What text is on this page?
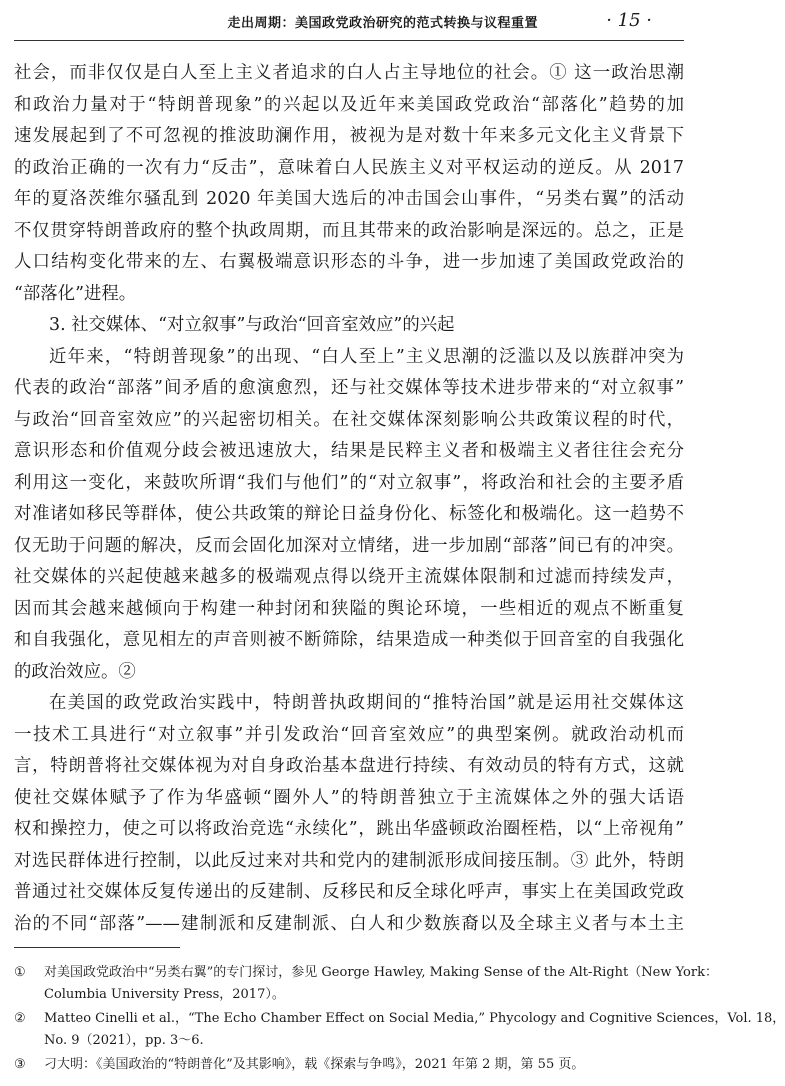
走出周期：美国政党政治研究的范式转换与议程重置	· 15 ·
社会，而非仅仅是白人至上主义者追求的白人占主导地位的社会。① 这一政治思潮
和政治力量对于“特朗普现象”的兴起以及近年来美国政党政治“部落化”趋势的加
速发展起到了不可忽视的推波助澜作用，被视为是对数十年来多元文化主义背景下
的政治正确的一次有力“反击”，意味着白人民族主义对平权运动的逆反。从 2017
年的夏洛茨维尔骚乱到 2020 年美国大选后的冲击国会山事件，“另类右翼”的活动
不仅贯穿特朗普政府的整个执政周期，而且其带来的政治影响是深远的。总之，正是
人口结构变化带来的左、右翼极端意识形态的斗争，进一步加速了美国政党政治的
“部落化”进程。
3. 社交媒体、“对立叙事”与政治“回音室效应”的兴起
近年来，“特朗普现象”的出现、“白人至上”主义思潮的泛滥以及以族群冲突为
代表的政治“部落”间矛盾的愈演愈烈，还与社交媒体等技术进步带来的“对立叙事”
与政治“回音室效应”的兴起密切相关。在社交媒体深刻影响公共政策议程的时代，
意识形态和价值观分歧会被迅速放大，结果是民粹主义者和极端主义者往往会充分
利用这一变化，来鼓吹所谓“我们与他们”的“对立叙事”，将政治和社会的主要矛盾
对准诸如移民等群体，使公共政策的辩论日益身份化、标签化和极端化。这一趋势不
仅无助于问题的解决，反而会固化加深对立情绪，进一步加剧“部落”间已有的冲突。
社交媒体的兴起使越来越多的极端观点得以绕开主流媒体限制和过滤而持续发声，
因而其会越来越倾向于构建一种封闭和狭隘的舆论环境，一些相近的观点不断重复
和自我强化，意见相左的声音则被不断筛除，结果造成一种类似于回音室的自我强化
的政治效应。②
在美国的政党政治实践中，特朗普执政期间的“推特治国”就是运用社交媒体这
一技术工具进行“对立叙事”并引发政治“回音室效应”的典型案例。就政治动机而
言，特朗普将社交媒体视为对自身政治基本盘进行持续、有效动员的特有方式，这就
使社交媒体赋予了作为华盛顿“圈外人”的特朗普独立于主流媒体之外的强大话语
权和操控力，使之可以将政治竞选“永续化”，跳出华盛顿政治圈桎梏，以“上帝视角”
对选民群体进行控制，以此反过来对共和党内的建制派形成间接压制。③ 此外，特朗
普通过社交媒体反复传递出的反建制、反移民和反全球化呼声，事实上在美国政党政
治的不同“部落”——建制派和反建制派、白人和少数族裔以及全球主义者与本土主
①	对美国政党政治中“另类右翼”的专门探讨，参见 George Hawley, Making Sense of the Alt-Right（New York：
Columbia University Press，2017）。
②	Matteo Cinelli et al.，“The Echo Chamber Effect on Social Media,” Phycology and Cognitive Sciences，Vol. 18，
No. 9（2021），pp. 3～6.
③	刁大明：《美国政治的“特朗普化”及其影响》，载《探索与争鸣》，2021 年第 2 期，第 55 页。
